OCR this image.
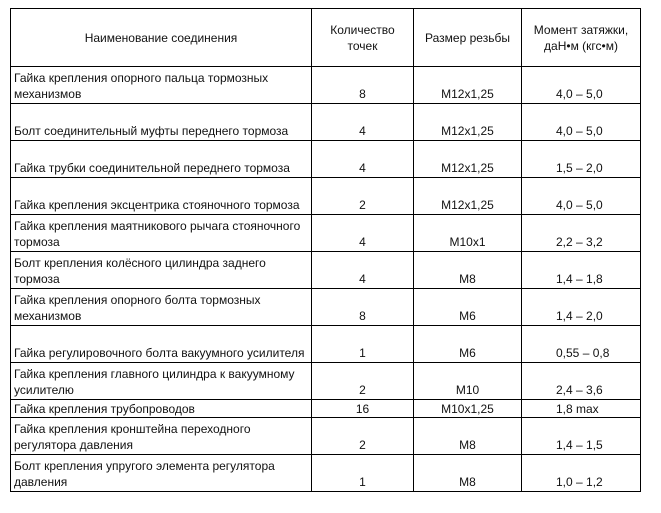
Наименование соединения	Количество точек	Размер резьбы	Момент затяжки, даН•м (кгс•м)
Гайка крепления опорного пальца тормозных механизмов	8	М12х1,25	4,0 – 5,0
Болт соединительный муфты переднего тормоза	4	М12х1,25	4,0 – 5,0
Гайка трубки соединительной переднего тормоза	4	М12х1,25	1,5 – 2,0
Гайка крепления эксцентрика стояночного тормоза	2	М12х1,25	4,0 – 5,0
Гайка крепления маятникового рычага стояночного тормоза	4	М10х1	2,2 – 3,2
Болт крепления колёсного цилиндра заднего тормоза	4	М8	1,4 – 1,8
Гайка крепления опорного болта тормозных механизмов	8	М6	1,4 – 2,0
Гайка регулировочного болта вакуумного усилителя	1	М6	0,55 – 0,8
Гайка крепления главного цилиндра к вакуумному усилителю	2	М10	2,4 – 3,6
Гайка крепления трубопроводов	16	М10х1,25	1,8 max
Гайка крепления кронштейна переходного регулятора давления	2	М8	1,4 – 1,5
Болт крепления упругого элемента регулятора давления	1	М8	1,0 – 1,2
